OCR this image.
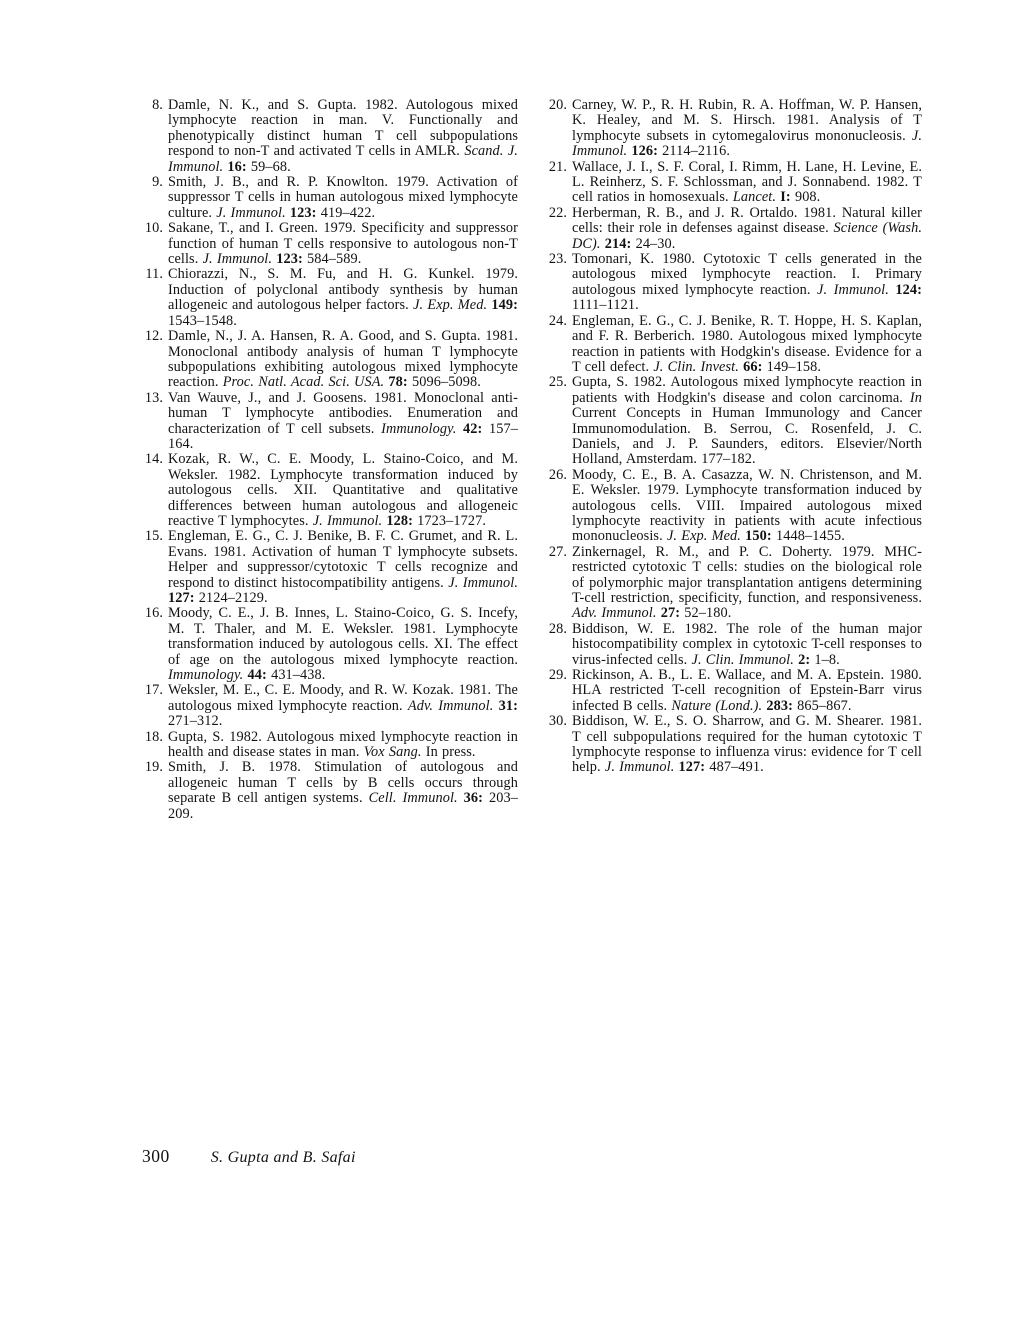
8. Damle, N. K., and S. Gupta. 1982. Autologous mixed lymphocyte reaction in man. V. Functionally and phenotypically distinct human T cell subpopulations respond to non-T and activated T cells in AMLR. Scand. J. Immunol. 16: 59–68.
9. Smith, J. B., and R. P. Knowlton. 1979. Activation of suppressor T cells in human autologous mixed lymphocyte culture. J. Immunol. 123: 419–422.
10. Sakane, T., and I. Green. 1979. Specificity and suppressor function of human T cells responsive to autologous non-T cells. J. Immunol. 123: 584–589.
11. Chiorazzi, N., S. M. Fu, and H. G. Kunkel. 1979. Induction of polyclonal antibody synthesis by human allogeneic and autologous helper factors. J. Exp. Med. 149: 1543–1548.
12. Damle, N., J. A. Hansen, R. A. Good, and S. Gupta. 1981. Monoclonal antibody analysis of human T lymphocyte subpopulations exhibiting autologous mixed lymphocyte reaction. Proc. Natl. Acad. Sci. USA. 78: 5096–5098.
13. Van Wauve, J., and J. Goosens. 1981. Monoclonal anti-human T lymphocyte antibodies. Enumeration and characterization of T cell subsets. Immunology. 42: 157–164.
14. Kozak, R. W., C. E. Moody, L. Staino-Coico, and M. Weksler. 1982. Lymphocyte transformation induced by autologous cells. XII. Quantitative and qualitative differences between human autologous and allogeneic reactive T lymphocytes. J. Immunol. 128: 1723–1727.
15. Engleman, E. G., C. J. Benike, B. F. C. Grumet, and R. L. Evans. 1981. Activation of human T lymphocyte subsets. Helper and suppressor/cytotoxic T cells recognize and respond to distinct histocompatibility antigens. J. Immunol. 127: 2124–2129.
16. Moody, C. E., J. B. Innes, L. Staino-Coico, G. S. Incefy, M. T. Thaler, and M. E. Weksler. 1981. Lymphocyte transformation induced by autologous cells. XI. The effect of age on the autologous mixed lymphocyte reaction. Immunology. 44: 431–438.
17. Weksler, M. E., C. E. Moody, and R. W. Kozak. 1981. The autologous mixed lymphocyte reaction. Adv. Immunol. 31: 271–312.
18. Gupta, S. 1982. Autologous mixed lymphocyte reaction in health and disease states in man. Vox Sang. In press.
19. Smith, J. B. 1978. Stimulation of autologous and allogeneic human T cells by B cells occurs through separate B cell antigen systems. Cell. Immunol. 36: 203–209.
20. Carney, W. P., R. H. Rubin, R. A. Hoffman, W. P. Hansen, K. Healey, and M. S. Hirsch. 1981. Analysis of T lymphocyte subsets in cytomegalovirus mononucleosis. J. Immunol. 126: 2114–2116.
21. Wallace, J. I., S. F. Coral, I. Rimm, H. Lane, H. Levine, E. L. Reinherz, S. F. Schlossman, and J. Sonnabend. 1982. T cell ratios in homosexuals. Lancet. I: 908.
22. Herberman, R. B., and J. R. Ortaldo. 1981. Natural killer cells: their role in defenses against disease. Science (Wash. DC). 214: 24–30.
23. Tomonari, K. 1980. Cytotoxic T cells generated in the autologous mixed lymphocyte reaction. I. Primary autologous mixed lymphocyte reaction. J. Immunol. 124: 1111–1121.
24. Engleman, E. G., C. J. Benike, R. T. Hoppe, H. S. Kaplan, and F. R. Berberich. 1980. Autologous mixed lymphocyte reaction in patients with Hodgkin's disease. Evidence for a T cell defect. J. Clin. Invest. 66: 149–158.
25. Gupta, S. 1982. Autologous mixed lymphocyte reaction in patients with Hodgkin's disease and colon carcinoma. In Current Concepts in Human Immunology and Cancer Immunomodulation. B. Serrou, C. Rosenfeld, J. C. Daniels, and J. P. Saunders, editors. Elsevier/North Holland, Amsterdam. 177–182.
26. Moody, C. E., B. A. Casazza, W. N. Christenson, and M. E. Weksler. 1979. Lymphocyte transformation induced by autologous cells. VIII. Impaired autologous mixed lymphocyte reactivity in patients with acute infectious mononucleosis. J. Exp. Med. 150: 1448–1455.
27. Zinkernagel, R. M., and P. C. Doherty. 1979. MHC-restricted cytotoxic T cells: studies on the biological role of polymorphic major transplantation antigens determining T-cell restriction, specificity, function, and responsiveness. Adv. Immunol. 27: 52–180.
28. Biddison, W. E. 1982. The role of the human major histocompatibility complex in cytotoxic T-cell responses to virus-infected cells. J. Clin. Immunol. 2: 1–8.
29. Rickinson, A. B., L. E. Wallace, and M. A. Epstein. 1980. HLA restricted T-cell recognition of Epstein-Barr virus infected B cells. Nature (Lond.). 283: 865–867.
30. Biddison, W. E., S. O. Sharrow, and G. M. Shearer. 1981. T cell subpopulations required for the human cytotoxic T lymphocyte response to influenza virus: evidence for T cell help. J. Immunol. 127: 487–491.
300	S. Gupta and B. Safai
